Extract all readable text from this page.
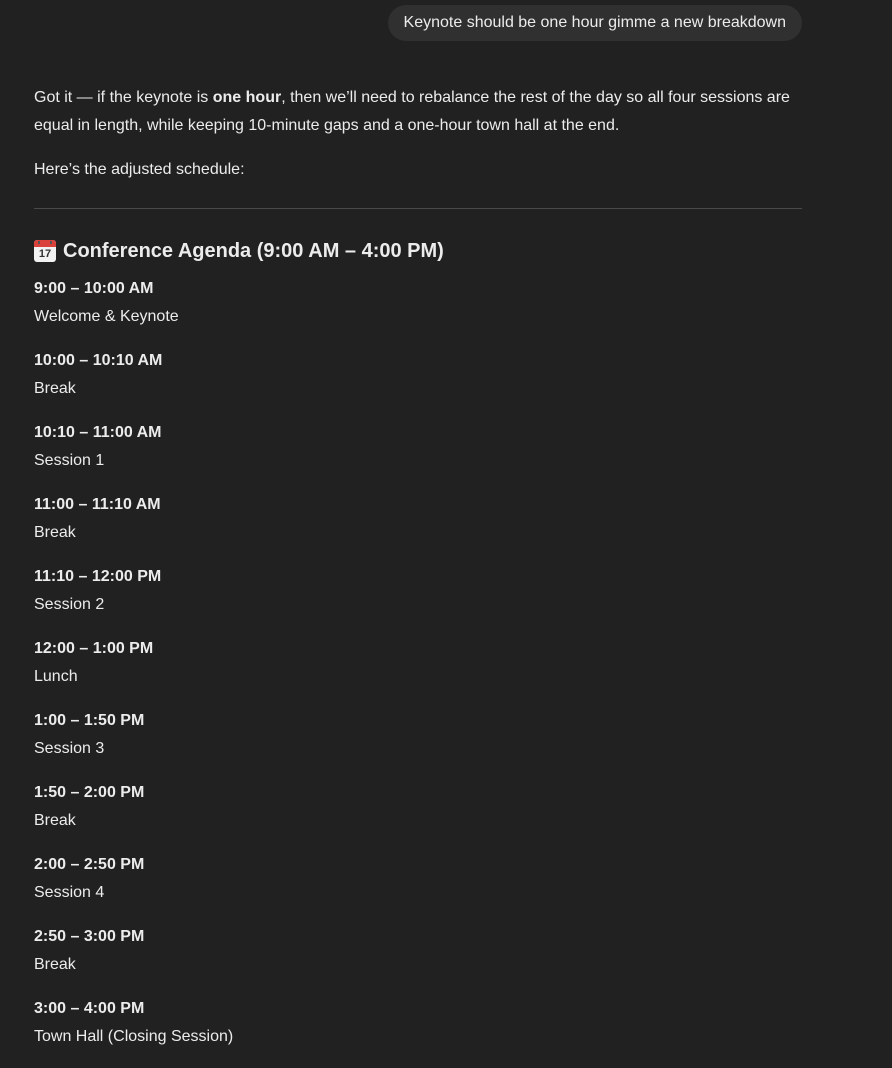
Keynote should be one hour gimme a new breakdown

Got it — if the keynote is one hour, then we’ll need to rebalance the rest of the day so all four sessions are equal in length, while keeping 10-minute gaps and a one-hour town hall at the end.

Here’s the adjusted schedule:

17 Conference Agenda (9:00 AM – 4:00 PM)
9:00 – 10:00 AM
Welcome & Keynote
10:00 – 10:10 AM
Break
10:10 – 11:00 AM
Session 1
11:00 – 11:10 AM
Break
11:10 – 12:00 PM
Session 2
12:00 – 1:00 PM
Lunch
1:00 – 1:50 PM
Session 3
1:50 – 2:00 PM
Break
2:00 – 2:50 PM
Session 4
2:50 – 3:00 PM
Break
3:00 – 4:00 PM
Town Hall (Closing Session)
